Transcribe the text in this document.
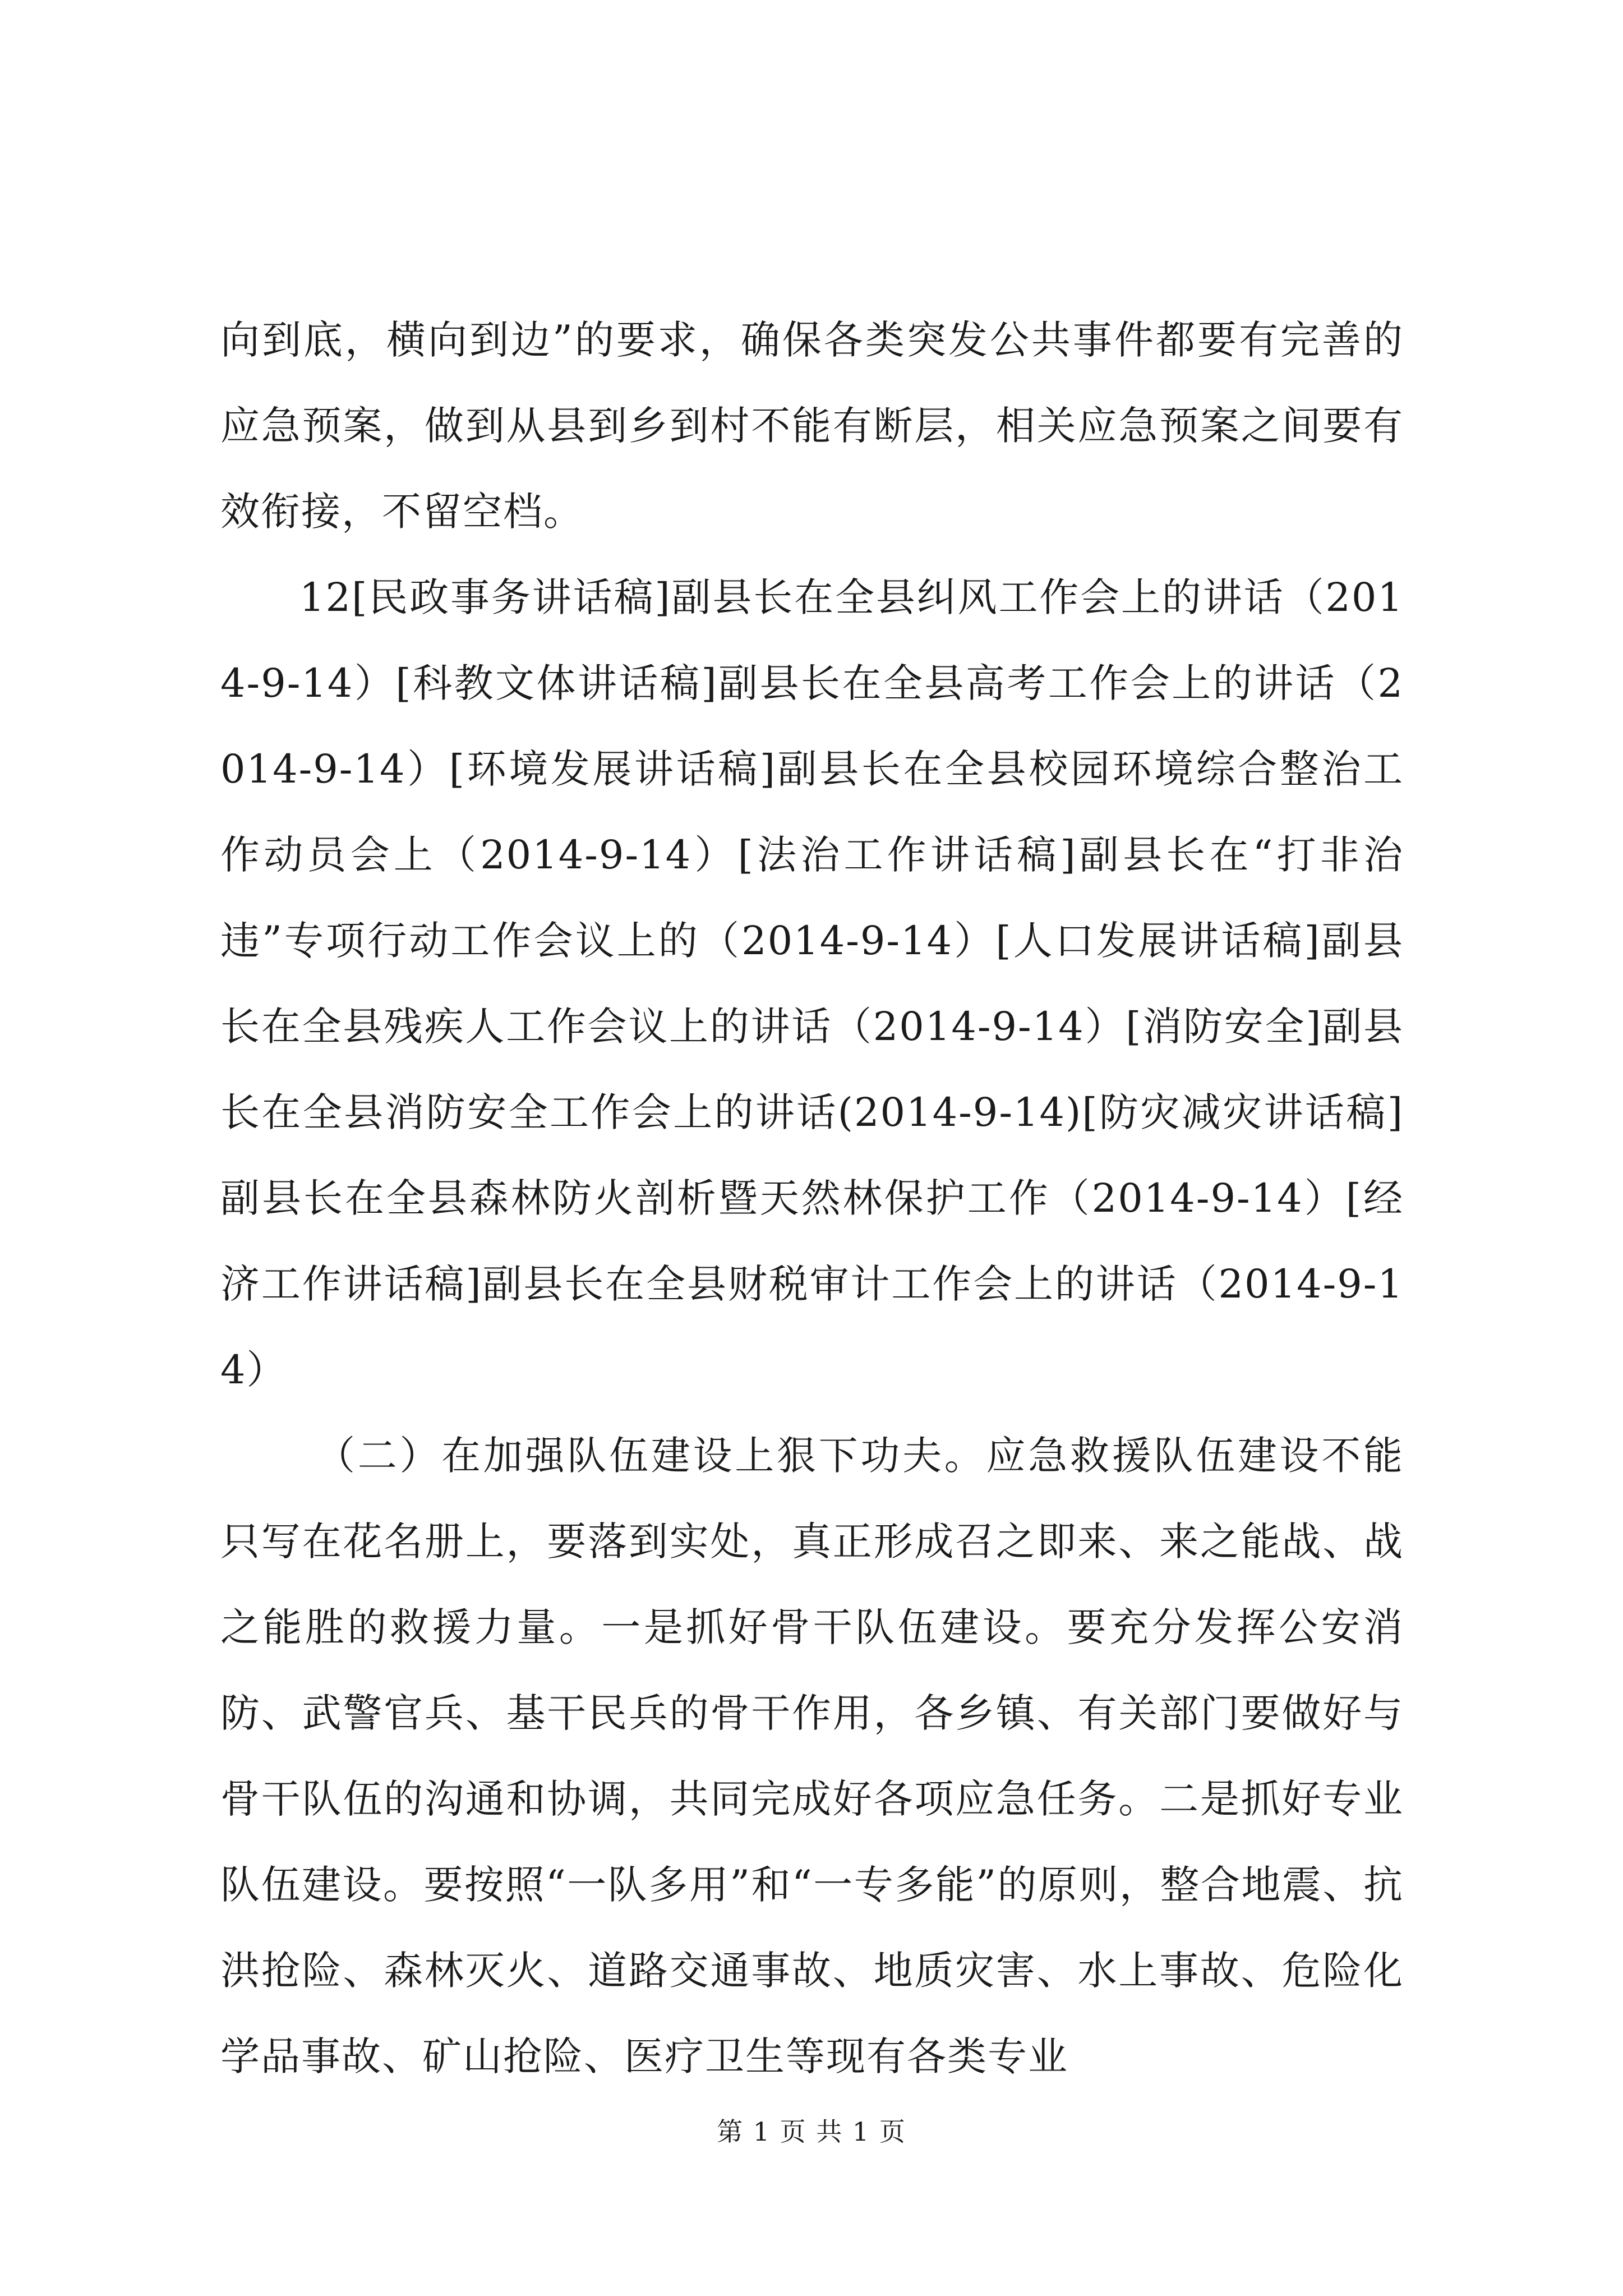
向到底，横向到边”的要求，确保各类突发公共事件都要有完善的应急预案，做到从县到乡到村不能有断层，相关应急预案之间要有效衔接，不留空档。

12[民政事务讲话稿]副县长在全县纠风工作会上的讲话（2014-9-14）[科教文体讲话稿]副县长在全县高考工作会上的讲话（2014-9-14）[环境发展讲话稿]副县长在全县校园环境综合整治工作动员会上（2014-9-14）[法治工作讲话稿]副县长在“打非治违”专项行动工作会议上的（2014-9-14）[人口发展讲话稿]副县长在全县残疾人工作会议上的讲话（2014-9-14）[消防安全]副县长在全县消防安全工作会上的讲话(2014-9-14)[防灾减灾讲话稿]副县长在全县森林防火剖析暨天然林保护工作（2014-9-14）[经济工作讲话稿]副县长在全县财税审计工作会上的讲话（2014-9-14）

（二）在加强队伍建设上狠下功夫。应急救援队伍建设不能只写在花名册上，要落到实处，真正形成召之即来、来之能战、战之能胜的救援力量。一是抓好骨干队伍建设。要充分发挥公安消防、武警官兵、基干民兵的骨干作用，各乡镇、有关部门要做好与骨干队伍的沟通和协调，共同完成好各项应急任务。二是抓好专业队伍建设。要按照“一队多用”和“一专多能”的原则，整合地震、抗洪抢险、森林灭火、道路交通事故、地质灾害、水上事故、危险化学品事故、矿山抢险、医疗卫生等现有各类专业

第 1 页 共 1 页
